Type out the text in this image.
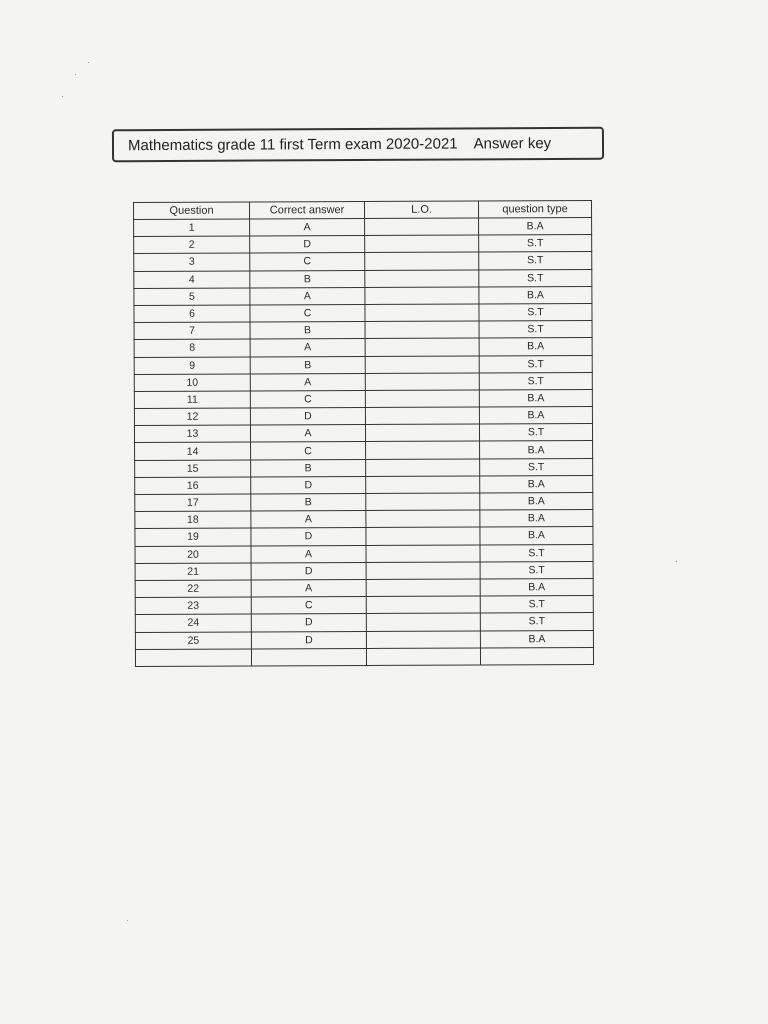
Mathematics grade 11 first Term exam 2020-2021 Answer key
Question	Correct answer	L.O.	question type
1	A		B.A
2	D		S.T
3	C		S.T
4	B		S.T
5	A		B.A
6	C		S.T
7	B		S.T
8	A		B.A
9	B		S.T
10	A		S.T
11	C		B.A
12	D		B.A
13	A		S.T
14	C		B.A
15	B		S.T
16	D		B.A
17	B		B.A
18	A		B.A
19	D		B.A
20	A		S.T
21	D		S.T
22	A		B.A
23	C		S.T
24	D		S.T
25	D		B.A
